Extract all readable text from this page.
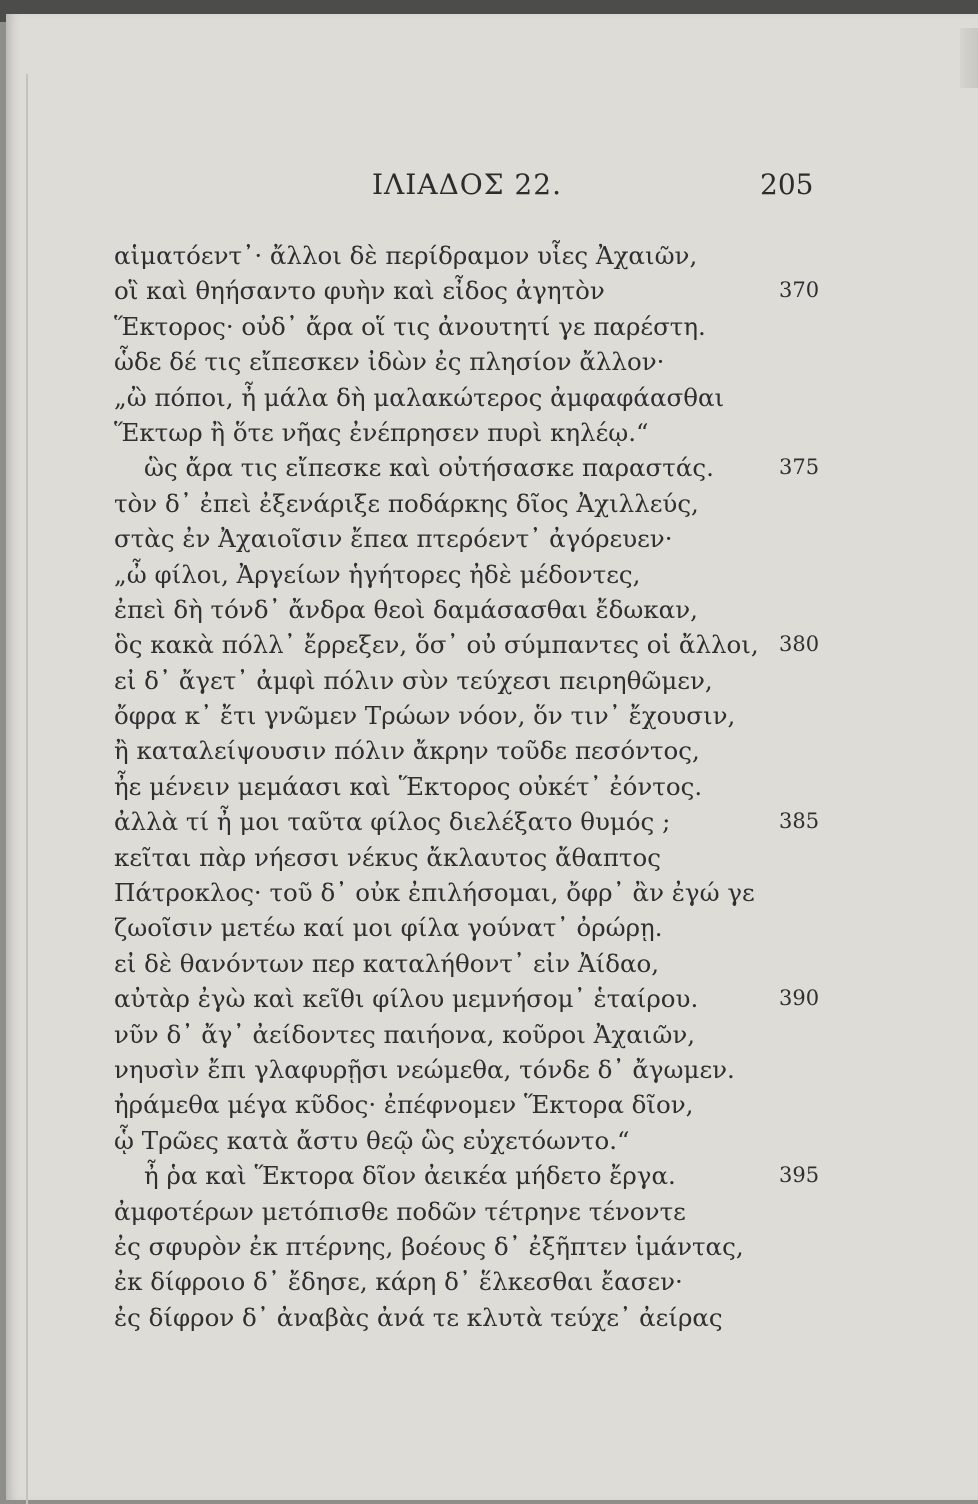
ΙΛΙΑΔΟΣ 22.	205
αἱματόεντ᾽· ἄλλοι δὲ περίδραμον υἷες Ἀχαιῶν,
οἳ καὶ θηήσαντο φυὴν καὶ εἶδος ἀγητὸν	370
Ἕκτορος· οὐδ᾽ ἄρα οἵ τις ἀνουτητί γε παρέστη.
ὧδε δέ τις εἴπεσκεν ἰδὼν ἐς πλησίον ἄλλον·
„ὢ πόποι, ἦ μάλα δὴ μαλακώτερος ἀμφαφάασθαι
Ἕκτωρ ἢ ὅτε νῆας ἐνέπρησεν πυρὶ κηλέῳ.“
ὣς ἄρα τις εἴπεσκε καὶ οὐτήσασκε παραστάς.	375
τὸν δ᾽ ἐπεὶ ἐξενάριξε ποδάρκης δῖος Ἀχιλλεύς,
στὰς ἐν Ἀχαιοῖσιν ἔπεα πτερόεντ᾽ ἀγόρευεν·
„ὦ φίλοι, Ἀργείων ἡγήτορες ἠδὲ μέδοντες,
ἐπεὶ δὴ τόνδ᾽ ἄνδρα θεοὶ δαμάσασθαι ἔδωκαν,
ὃς κακὰ πόλλ᾽ ἔρρεξεν, ὅσ᾽ οὐ σύμπαντες οἱ ἄλλοι, 380
εἰ δ᾽ ἄγετ᾽ ἀμφὶ πόλιν σὺν τεύχεσι πειρηθῶμεν,
ὄφρα κ᾽ ἔτι γνῶμεν Τρώων νόον, ὅν τιν᾽ ἔχουσιν,
ἢ καταλείψουσιν πόλιν ἄκρην τοῦδε πεσόντος,
ἦε μένειν μεμάασι καὶ Ἕκτορος οὐκέτ᾽ ἐόντος.
ἀλλὰ τί ἦ μοι ταῦτα φίλος διελέξατο θυμός ;	385
κεῖται πὰρ νήεσσι νέκυς ἄκλαυτος ἄθαπτος
Πάτροκλος· τοῦ δ᾽ οὐκ ἐπιλήσομαι, ὄφρ᾽ ἂν ἐγώ γε
ζωοῖσιν μετέω καί μοι φίλα γούνατ᾽ ὀρώρῃ.
εἰ δὲ θανόντων περ καταλήθοντ᾽ εἰν Ἀίδαο,
αὐτὰρ ἐγὼ καὶ κεῖθι φίλου μεμνήσομ᾽ ἑταίρου.	390
νῦν δ᾽ ἄγ᾽ ἀείδοντες παιήονα, κοῦροι Ἀχαιῶν,
νηυσὶν ἔπι γλαφυρῇσι νεώμεθα, τόνδε δ᾽ ἄγωμεν.
ἠράμεθα μέγα κῦδος· ἐπέφνομεν Ἕκτορα δῖον,
ᾧ Τρῶες κατὰ ἄστυ θεῷ ὣς εὐχετόωντο.“
ἦ ῥα καὶ Ἕκτορα δῖον ἀεικέα μήδετο ἔργα.	395
ἀμφοτέρων μετόπισθε ποδῶν τέτρηνε τένοντε
ἐς σφυρὸν ἐκ πτέρνης, βοέους δ᾽ ἐξῆπτεν ἱμάντας,
ἐκ δίφροιο δ᾽ ἔδησε, κάρη δ᾽ ἕλκεσθαι ἔασεν·
ἐς δίφρον δ᾽ ἀναβὰς ἀνά τε κλυτὰ τεύχε᾽ ἀείρας
